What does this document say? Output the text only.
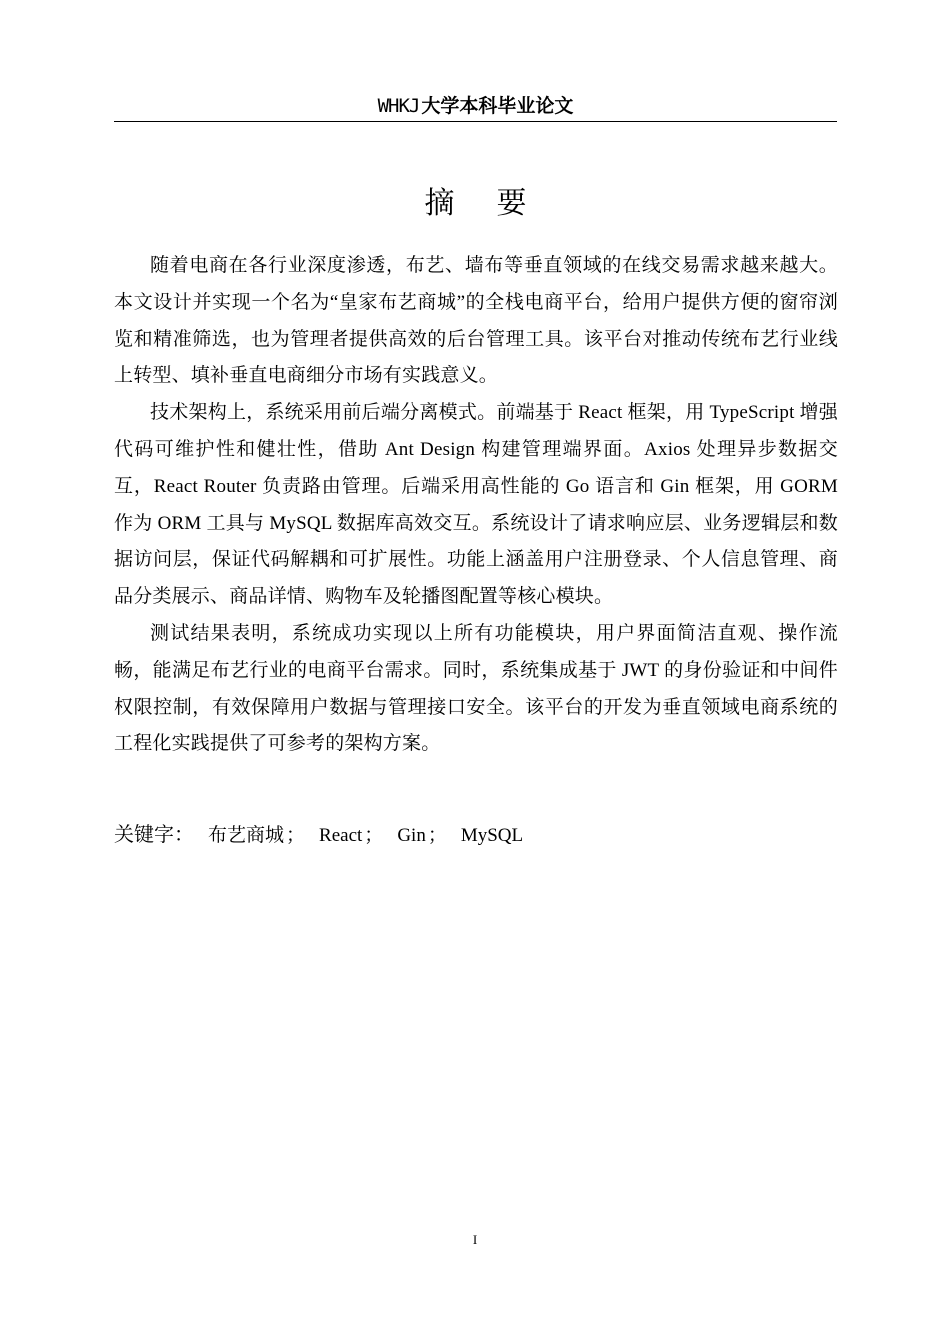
WHKJ 大学本科毕业论文
摘要

随着电商在各行业深度渗透，布艺、墙布等垂直领域的在线交易需求越来越大。本文设计并实现一个名为“皇家布艺商城”的全栈电商平台，给用户提供方便的窗帘浏览和精准筛选，也为管理者提供高效的后台管理工具。该平台对推动传统布艺行业线上转型、填补垂直电商细分市场有实践意义。

技术架构上，系统采用前后端分离模式。前端基于 React 框架，用 TypeScript 增强代码可维护性和健壮性，借助 Ant Design 构建管理端界面。Axios 处理异步数据交互，React Router 负责路由管理。后端采用高性能的 Go 语言和 Gin 框架，用 GORM 作为 ORM 工具与 MySQL 数据库高效交互。系统设计了请求响应层、业务逻辑层和数据访问层，保证代码解耦和可扩展性。功能上涵盖用户注册登录、个人信息管理、商品分类展示、商品详情、购物车及轮播图配置等核心模块。

测试结果表明，系统成功实现以上所有功能模块，用户界面简洁直观、操作流畅，能满足布艺行业的电商平台需求。同时，系统集成基于 JWT 的身份验证和中间件权限控制，有效保障用户数据与管理接口安全。该平台的开发为垂直领域电商系统的工程化实践提供了可参考的架构方案。

关键字： 布艺商城 ； React ； Gin ； MySQL
I
